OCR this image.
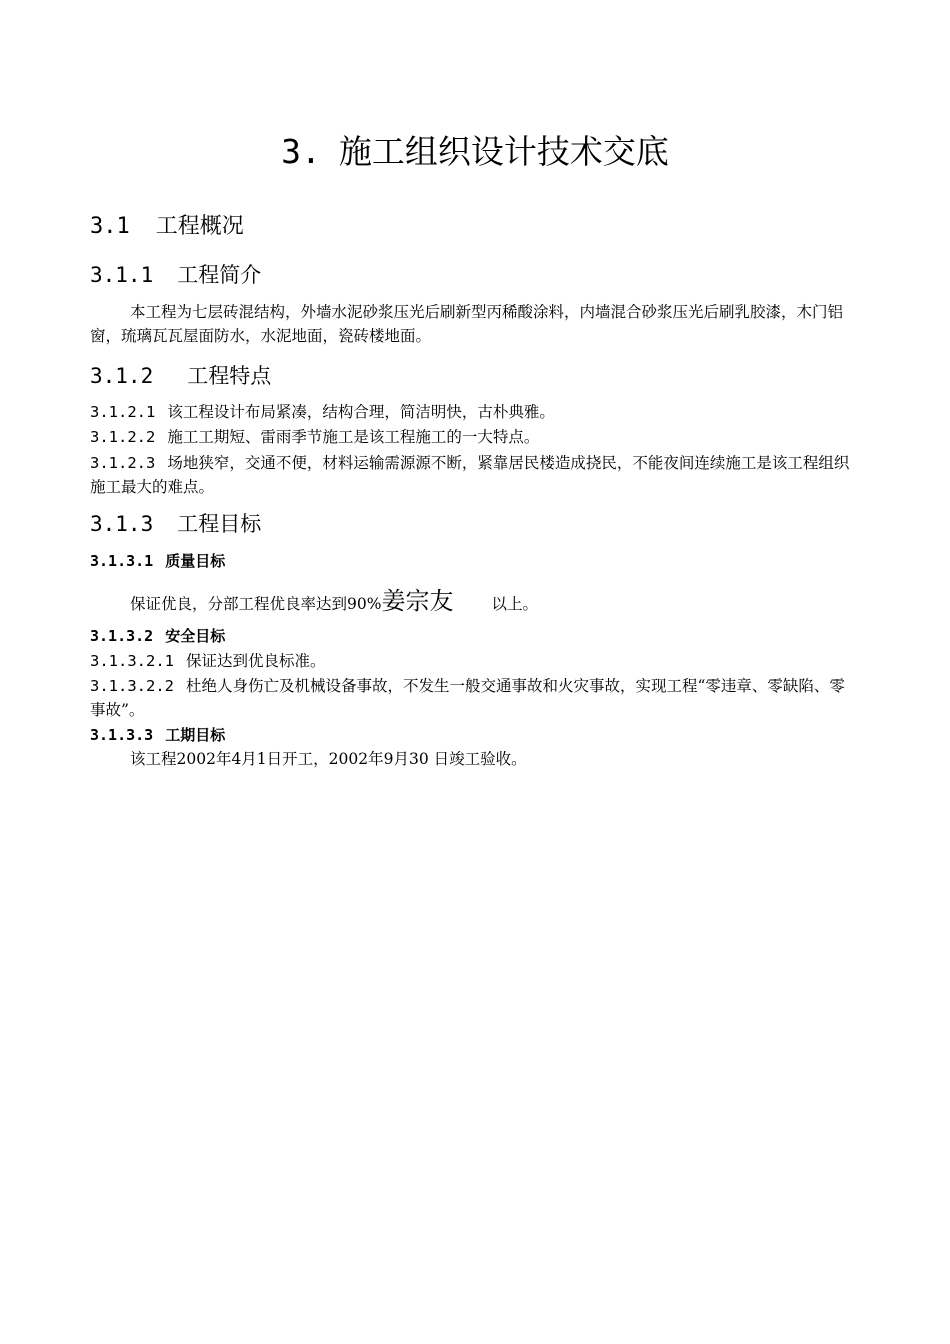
3. 施工组织设计技术交底
3.1 工程概况
3.1.1 工程简介
本工程为七层砖混结构，外墙水泥砂浆压光后刷新型丙稀酸涂料，内墙混合砂浆压光后刷乳胶漆，木门铝窗，琉璃瓦瓦屋面防水，水泥地面，瓷砖楼地面。
3.1.2 工程特点
3.1.2.1 该工程设计布局紧凑，结构合理，简洁明快，古朴典雅。
3.1.2.2 施工工期短、雷雨季节施工是该工程施工的一大特点。
3.1.2.3 场地狭窄，交通不便，材料运输需源源不断，紧靠居民楼造成挠民，不能夜间连续施工是该工程组织施工最大的难点。
3.1.3 工程目标
3.1.3.1 质量目标
保证优良，分部工程优良率达到90%姜宗友 以上。
3.1.3.2 安全目标
3.1.3.2.1 保证达到优良标准。
3.1.3.2.2 杜绝人身伤亡及机械设备事故，不发生一般交通事故和火灾事故，实现工程“零违章、零缺陷、零事故”。
3.1.3.3 工期目标
该工程2002年4月1日开工，2002年9月30 日竣工验收。
